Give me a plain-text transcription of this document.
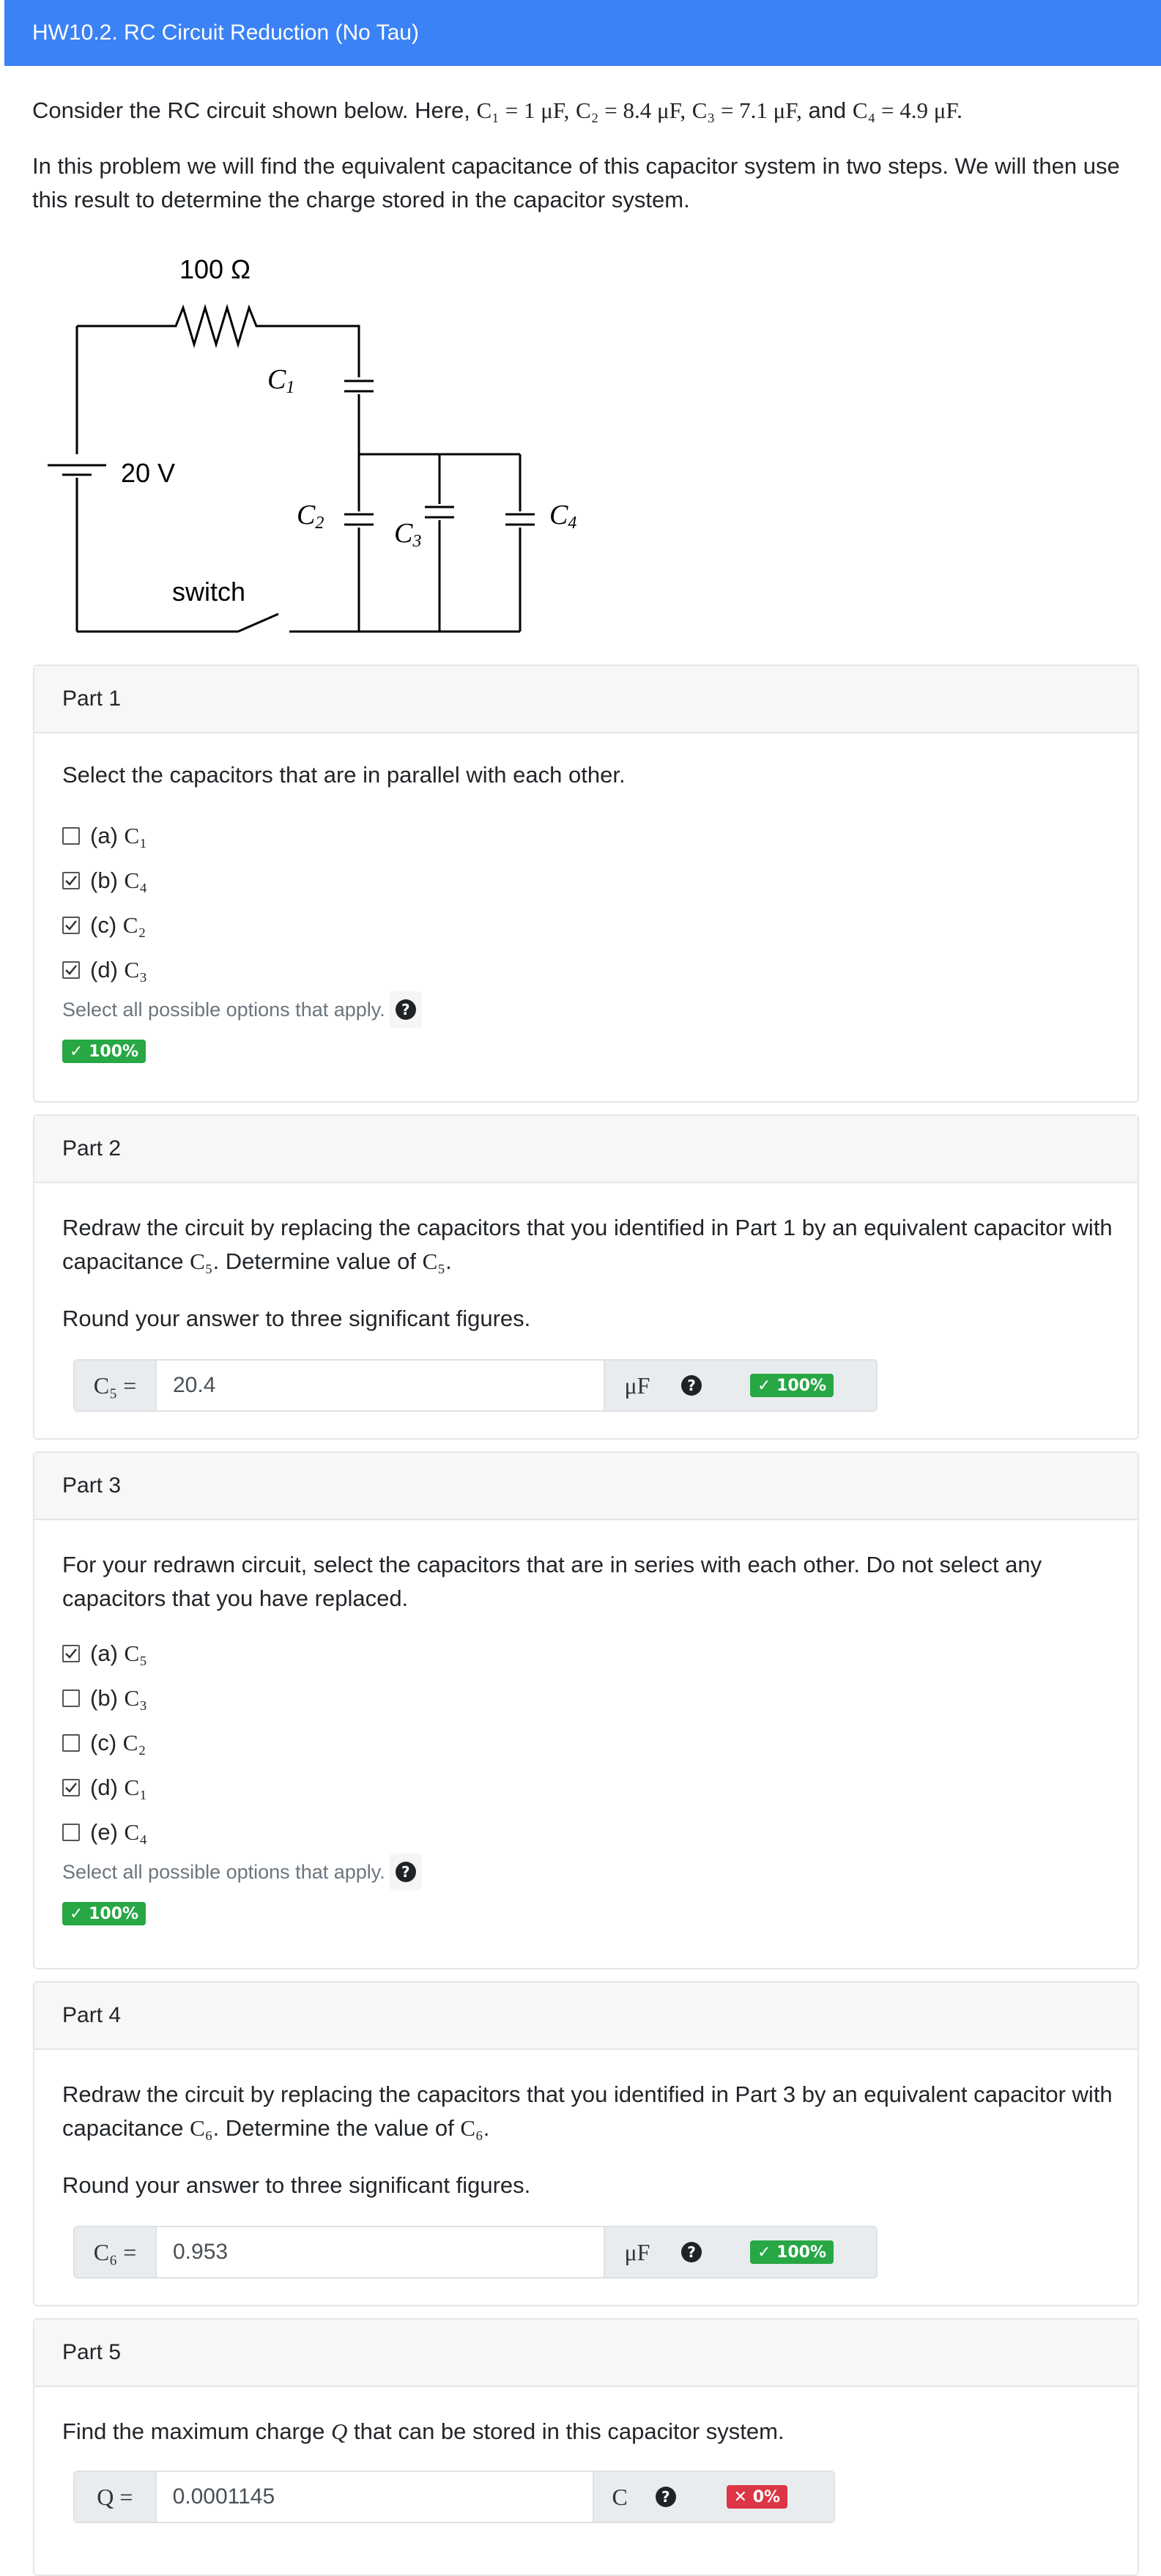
HW10.2. RC Circuit Reduction (No Tau)
Consider the RC circuit shown below. Here, C₁ = 1 μF, C₂ = 8.4 μF, C₃ = 7.1 μF, and C₄ = 4.9 μF.
In this problem we will find the equivalent capacitance of this capacitor system in two steps. We will then use this result to determine the charge stored in the capacitor system.
100 Ω
20 V
switch
C1
C2	C3
C4
Part 1
Select the capacitors that are in parallel with each other.
(a)
C₁
(b)
C₄
(c)
C₂
(d)
C₃
Select all possible options that apply.	?
✓ 100%
Part 2
Redraw the circuit by replacing the capacitors that you identified in Part 1 by an equivalent capacitor with capacitance C₅. Determine value of C₅.
Round your answer to three significant figures.
C₅ =	20.4	μF	?	✓ 100%
Part 3
For your redrawn circuit, select the capacitors that are in series with each other. Do not select any capacitors that you have replaced.
(a)
C₅
(b)
C₃
(c)
C₂
(d)
C₁
(e)
C₄
Select all possible options that apply.	?
✓ 100%
Part 4
Redraw the circuit by replacing the capacitors that you identified in Part 3 by an equivalent capacitor with capacitance C₆. Determine the value of C₆.
Round your answer to three significant figures.
C₆ =	0.953	μF	?	✓ 100%
Part 5
Find the maximum charge Q that can be stored in this capacitor system.
Q =	0.0001145	C	?	✕ 0%
